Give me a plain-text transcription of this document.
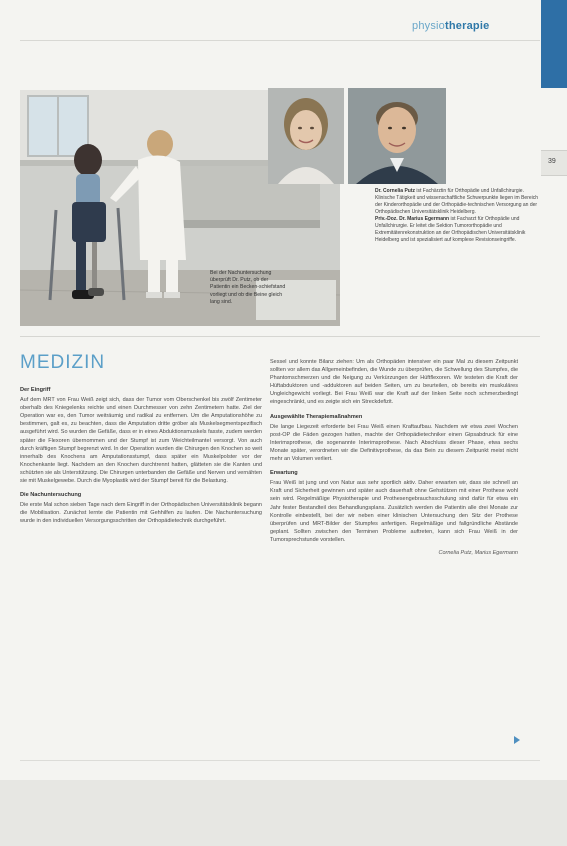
physiotherapie
39
Bei der Nachuntersuchung überprüft Dr. Putz, ob der Patientin ein Becken-schiefstand vorliegt und ob die Beine gleich lang sind.
Dr. Cornelia Putz ist Fachärztin für Orthopädie und Unfallchirurgie. Klinische Tätigkeit und wissenschaftliche Schwerpunkte liegen im Bereich der Kinderorthopädie und der Orthopädie-technischen Versorgung an der Orthopädischen Universitätsklinik Heidelberg.
Priv.-Doz. Dr. Marius Egermann ist Facharzt für Orthopädie und Unfallchirurgie. Er leitet die Sektion Tumororthopädie und Extremitätenrekonstruktion an der Orthopädischen Universitätsklinik Heidelberg und ist spezialisiert auf komplexe Revisionseingriffe.
MEDIZIN
Der Eingriff

Auf dem MRT von Frau Weiß zeigt sich, dass der Tumor vom Oberschenkel bis zwölf Zentimeter oberhalb des Kniegelenks reichte und einen Durchmesser von zehn Zentimetern hatte. Ziel der Operation war es, den Tumor weiträumig und radikal zu entfernen. Um die Amputationshöhe zu bestimmen, galt es, zu beachten, dass die Amputation dritte gröber als Muskelsegmentspezifisch ausgeführt wird. So wurden die Gefäße, dass er in eines Abduktionsmuskels fasste, zudem werden später die Flexoren übernommen und der Stumpf ist zum Weichteilmantel versorgt. Von auch durch kräftigen Stumpf begrenzt wird. In der Operation wurden die Chirurgen den Knochen so weit innerhalb des Knochens am Amputationsstumpf, dass später ein Muskelpolster vor der Knochenkante liegt. Nachdem an den Knochen durchtrennt hatten, glätteten sie die Kanten und schützten sie als Unterstützung. Die Chirurgen unterbanden die Gefäße und Nerven und vernähten sie mit Muskelgewebe. Durch die Myoplastik wird der Stumpf bereit für die Belastung.

Die Nachuntersuchung

Die erste Mal schon sieben Tage nach dem Eingriff in der Orthopädischen Universitätsklinik begann die Mobilisation. Zunächst lernte die Patientin mit Gehhilfen zu laufen. Die Nachuntersuchung wurde in den individuellen Versorgungsschritten der Orthopädietechnik durchgeführt.

Sessel und konnte Bilanz ziehen: Um als Orthopäden intensiver ein paar Mal zu diesem Zeitpunkt sollten vor allem das Allgemeinbefinden, die Wunde zu überprüfen, die Schwellung des Stumpfes, die Phantomschmerzen und die Neigung zu Verkürzungen der Hüftflexoren. Wir testeten die Kraft der Hüftabduktoren und -adduktoren auf beiden Seiten, um zu beurteilen, ob bereits ein muskuläres Ungleichgewicht vorliegt. Bei Frau Weiß war die Kraft auf der linken Seite noch schmerzbedingt eingeschränkt, und es zeigte sich ein Streckdefizit.

Ausgewählte Therapiemaßnahmen

Die lange Liegezeit erforderte bei Frau Weiß einen Kraftaufbau. Nachdem wir etwa zwei Wochen post-OP die Fäden gezogen hatten, machte der Orthopädietechniker einen Gipsabdruck für eine Interimsprothese, die sogenannte Interimsprothese. Nach Abschluss dieser Phase, etwa sechs Monate später, verordneten wir die Definitivprothese, da das Bein zu diesem Zeitpunkt meist nicht mehr an Volumen verliert.

Erwartung

Frau Weiß ist jung und von Natur aus sehr sportlich aktiv. Daher erwarten wir, dass sie schnell an Kraft und Sicherheit gewinnen und später auch dauerhaft ohne Gehstützen mit einer Prothese wohl sein wird. Regelmäßige Physiotherapie und Prothesengebrauchsschulung sind dafür für etwa ein Jahr fester Bestandteil des Behandlungsplans. Zusätzlich werden die Patientin alle drei Monate zur Kontrolle einbestellt, bei der wir neben einer klinischen Untersuchung den Sitz der Prothese überprüfen und MRT-Bilder der Stumpfes anfertigen. Regelmäßige und fallgründliche Abstände geplant. Sollten zwischen den Terminen Probleme auftreten, kann sich Frau Weiß in der Tumorsprechstunde vorstellen.

Cornelia Putz, Marius Egermann
